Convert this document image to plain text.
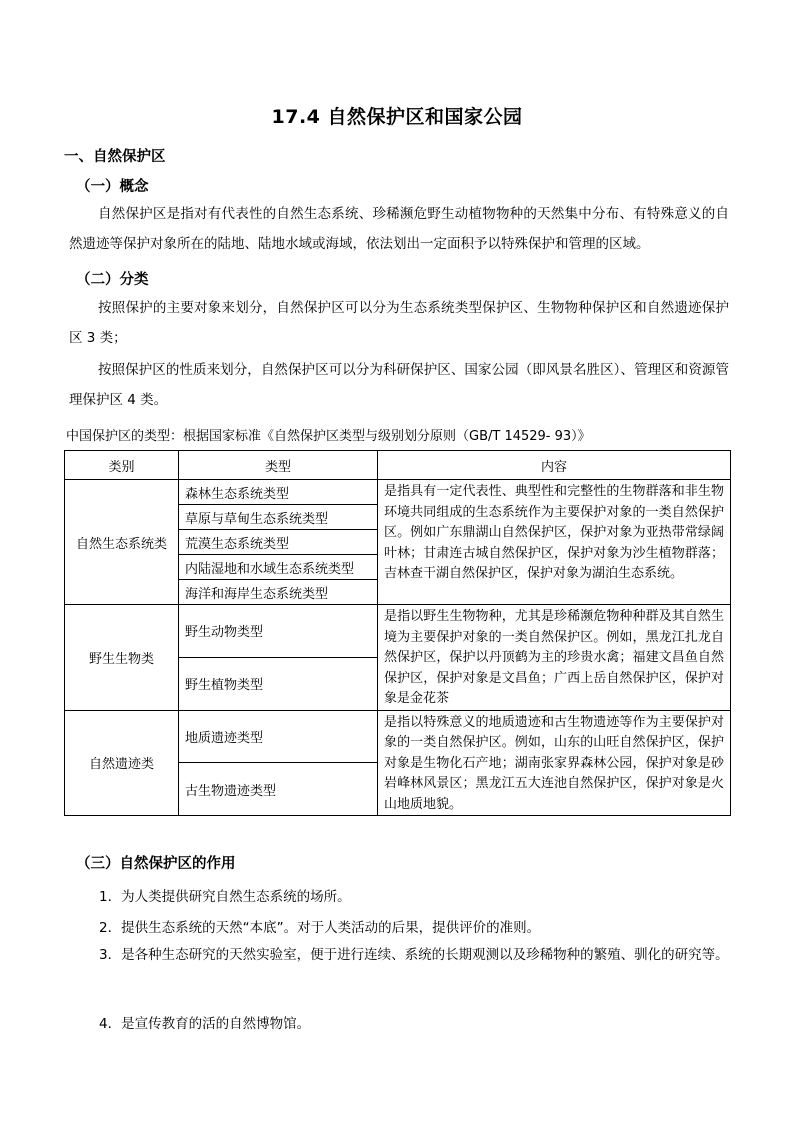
17.4 自然保护区和国家公园
一、自然保护区
（一）概念

自然保护区是指对有代表性的自然生态系统、珍稀濒危野生动植物物种的天然集中分布、有特殊意义的自然遗迹等保护对象所在的陆地、陆地水域或海域，依法划出一定面积予以特殊保护和管理的区域。

（二）分类

按照保护的主要对象来划分，自然保护区可以分为生态系统类型保护区、生物物种保护区和自然遗迹保护区 3 类；

按照保护区的性质来划分，自然保护区可以分为科研保护区、国家公园（即风景名胜区）、管理区和资源管理保护区 4 类。

中国保护区的类型：根据国家标准《自然保护区类型与级别划分原则（GB/T 14529- 93）》
类别	类型	内容
自然生态系统类	森林生态系统类型	是指具有一定代表性、典型性和完整性的生物群落和非生物环境共同组成的生态系统作为主要保护对象的一类自然保护区。例如广东鼎湖山自然保护区，保护对象为亚热带常绿阔叶林；甘肃连古城自然保护区，保护对象为沙生植物群落；吉林查干湖自然保护区，保护对象为湖泊生态系统。
	草原与草甸生态系统类型	
	荒漠生态系统类型	
	内陆湿地和水域生态系统类型	
	海洋和海岸生态系统类型	
野生生物类	野生动物类型	是指以野生生物物种，尤其是珍稀濒危物种种群及其自然生境为主要保护对象的一类自然保护区。例如，黑龙江扎龙自然保护区，保护以丹顶鹤为主的珍贵水禽；福建文昌鱼自然保护区，保护对象是文昌鱼；广西上岳自然保护区，保护对象是金花茶
	野生植物类型	
自然遗迹类	地质遗迹类型	是指以特殊意义的地质遗迹和古生物遗迹等作为主要保护对象的一类自然保护区。例如，山东的山旺自然保护区，保护对象是生物化石产地；湖南张家界森林公园，保护对象是砂岩峰林风景区；黑龙江五大连池自然保护区，保护对象是火山地质地貌。
	古生物遗迹类型	
（三）自然保护区的作用
1．为人类提供研究自然生态系统的场所。
2．提供生态系统的天然“本底”。对于人类活动的后果，提供评价的准则。

3．是各种生态研究的天然实验室，便于进行连续、系统的长期观测以及珍稀物种的繁殖、驯化的研究等。

4．是宣传教育的活的自然博物馆。
